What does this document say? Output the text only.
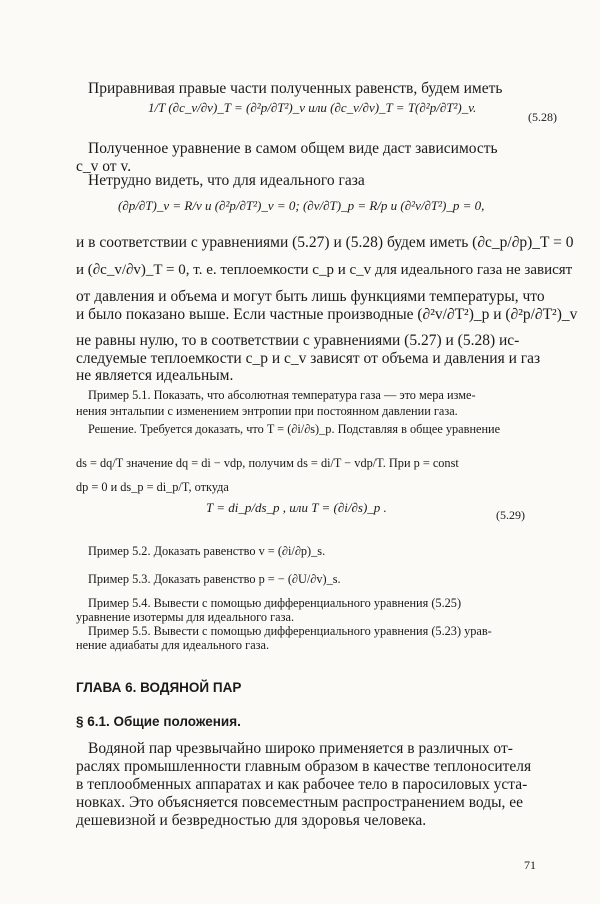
Приравнивая правые части полученных равенств, будем иметь
1/T (∂c_v/∂v)_T = (∂²p/∂T²)_v или (∂c_v/∂v)_T = T(∂²p/∂T²)_v.
(5.28)
Полученное уравнение в самом общем виде даст зависимость
c_v от v.
Нетрудно видеть, что для идеального газа
(∂p/∂T)_v = R/v и (∂²p/∂T²)_v = 0; (∂v/∂T)_p = R/p и (∂²v/∂T²)_p = 0,
и в соответствии с уравнениями (5.27) и (5.28) будем иметь (∂c_p/∂p)_T = 0
и (∂c_v/∂v)_T = 0, т. е. теплоемкости c_p и c_v для идеального газа не зависят
от давления и объема и могут быть лишь функциями температуры, что
и было показано выше. Если частные производные (∂²v/∂T²)_p и (∂²p/∂T²)_v
не равны нулю, то в соответствии с уравнениями (5.27) и (5.28) ис-
следуемые теплоемкости c_p и c_v зависят от объема и давления и газ
не является идеальным.
Пример 5.1. Показать, что абсолютная температура газа — это мера изме-
нения энтальпии с изменением энтропии при постоянном давлении газа.
Решение. Требуется доказать, что T = (∂i/∂s)_p. Подставляя в общее уравнение
ds = dq/T значение dq = di − vdp, получим ds = di/T − vdp/T. При p = const
dp = 0 и ds_p = di_p/T, откуда
T = di_p/ds_p , или T = (∂i/∂s)_p .	(5.29)
Пример 5.2. Доказать равенство v = (∂i/∂p)_s.
Пример 5.3. Доказать равенство p = − (∂U/∂v)_s.
Пример 5.4. Вывести с помощью дифференциального уравнения (5.25)
уравнение изотермы для идеального газа.
Пример 5.5. Вывести с помощью дифференциального уравнения (5.23) урав-
нение адиабаты для идеального газа.
ГЛАВА 6. ВОДЯНОЙ ПАР
§ 6.1. Общие положения.
Водяной пар чрезвычайно широко применяется в различных от-
раслях промышленности главным образом в качестве теплоносителя
в теплообменных аппаратах и как рабочее тело в паросиловых уста-
новках. Это объясняется повсеместным распространением воды, ее
дешевизной и безвредностью для здоровья человека.
71
